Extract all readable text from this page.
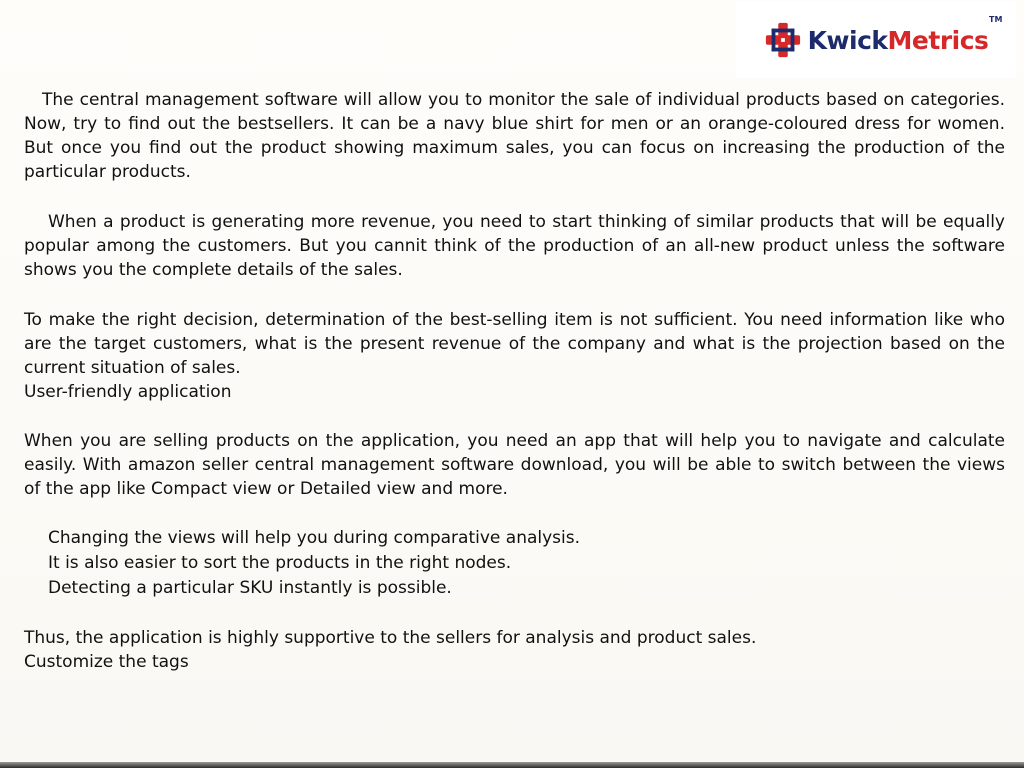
KwickMetrics
TM

The central management software will allow you to monitor the sale of individual products based on categories. Now, try to find out the bestsellers. It can be a navy blue shirt for men or an orange-coloured dress for women. But once you find out the product showing maximum sales, you can focus on increasing the production of the particular products.

When a product is generating more revenue, you need to start thinking of similar products that will be equally popular among the customers. But you cannit think of the production of an all-new product unless the software shows you the complete details of the sales.

To make the right decision, determination of the best-selling item is not sufficient. You need information like who are the target customers, what is the present revenue of the company and what is the projection based on the current situation of sales.

User-friendly application

When you are selling products on the application, you need an app that will help you to navigate and calculate easily. With amazon seller central management software download, you will be able to switch between the views of the app like Compact view or Detailed view and more.

Changing the views will help you during comparative analysis.

It is also easier to sort the products in the right nodes.

Detecting a particular SKU instantly is possible.

Thus, the application is highly supportive to the sellers for analysis and product sales.

Customize the tags
